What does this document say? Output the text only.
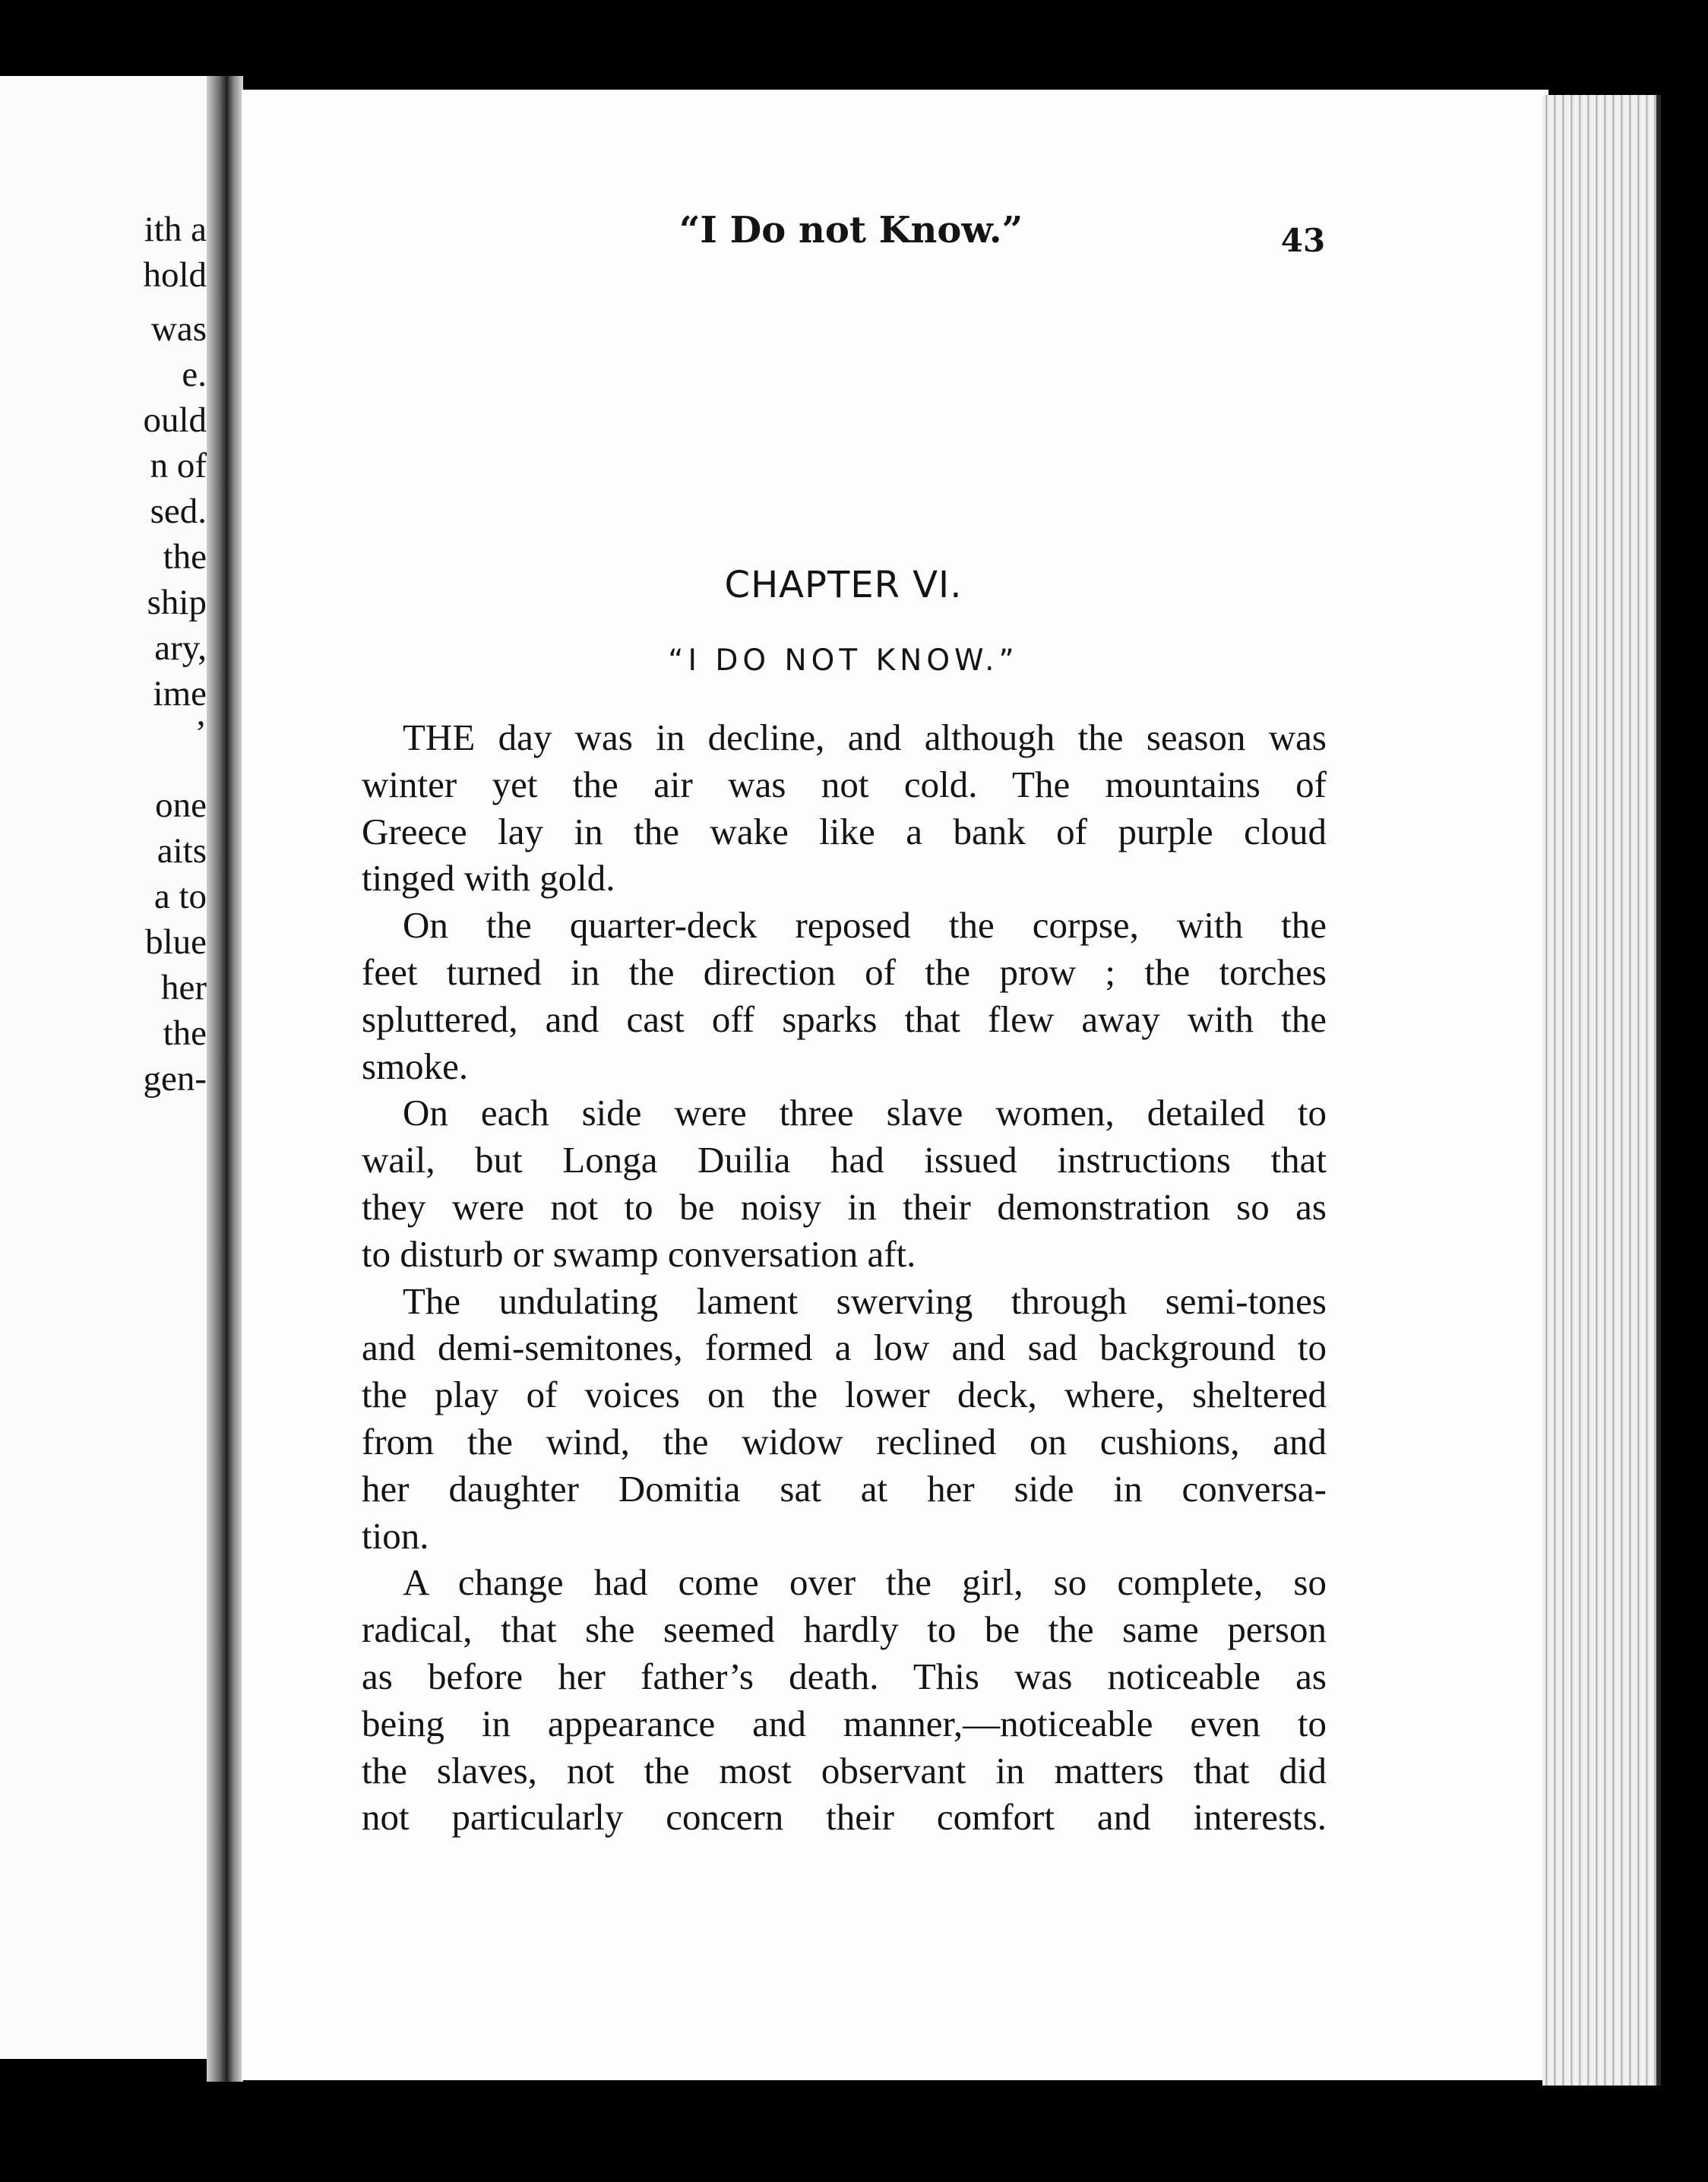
ith a
hold
was
e.
ould
n of
sed.
the
ship
ary,
ime
’
one
aits
a to
blue
her
the
gen-
“I Do not Know.”	43
CHAPTER VI.
“I DO NOT KNOW.”
THE day was in decline, and although the season was
winter yet the air was not cold. The mountains of
Greece lay in the wake like a bank of purple cloud
tinged with gold.
On the quarter-deck reposed the corpse, with the
feet turned in the direction of the prow ; the torches
spluttered, and cast off sparks that flew away with the
smoke.
On each side were three slave women, detailed to
wail, but Longa Duilia had issued instructions that
they were not to be noisy in their demonstration so as
to disturb or swamp conversation aft.
The undulating lament swerving through semi-tones
and demi-semitones, formed a low and sad background to
the play of voices on the lower deck, where, sheltered
from the wind, the widow reclined on cushions, and
her daughter Domitia sat at her side in conversa-
tion.
A change had come over the girl, so complete, so
radical, that she seemed hardly to be the same person
as before her father’s death. This was noticeable as
being in appearance and manner,—noticeable even to
the slaves, not the most observant in matters that did
not particularly concern their comfort and interests.
